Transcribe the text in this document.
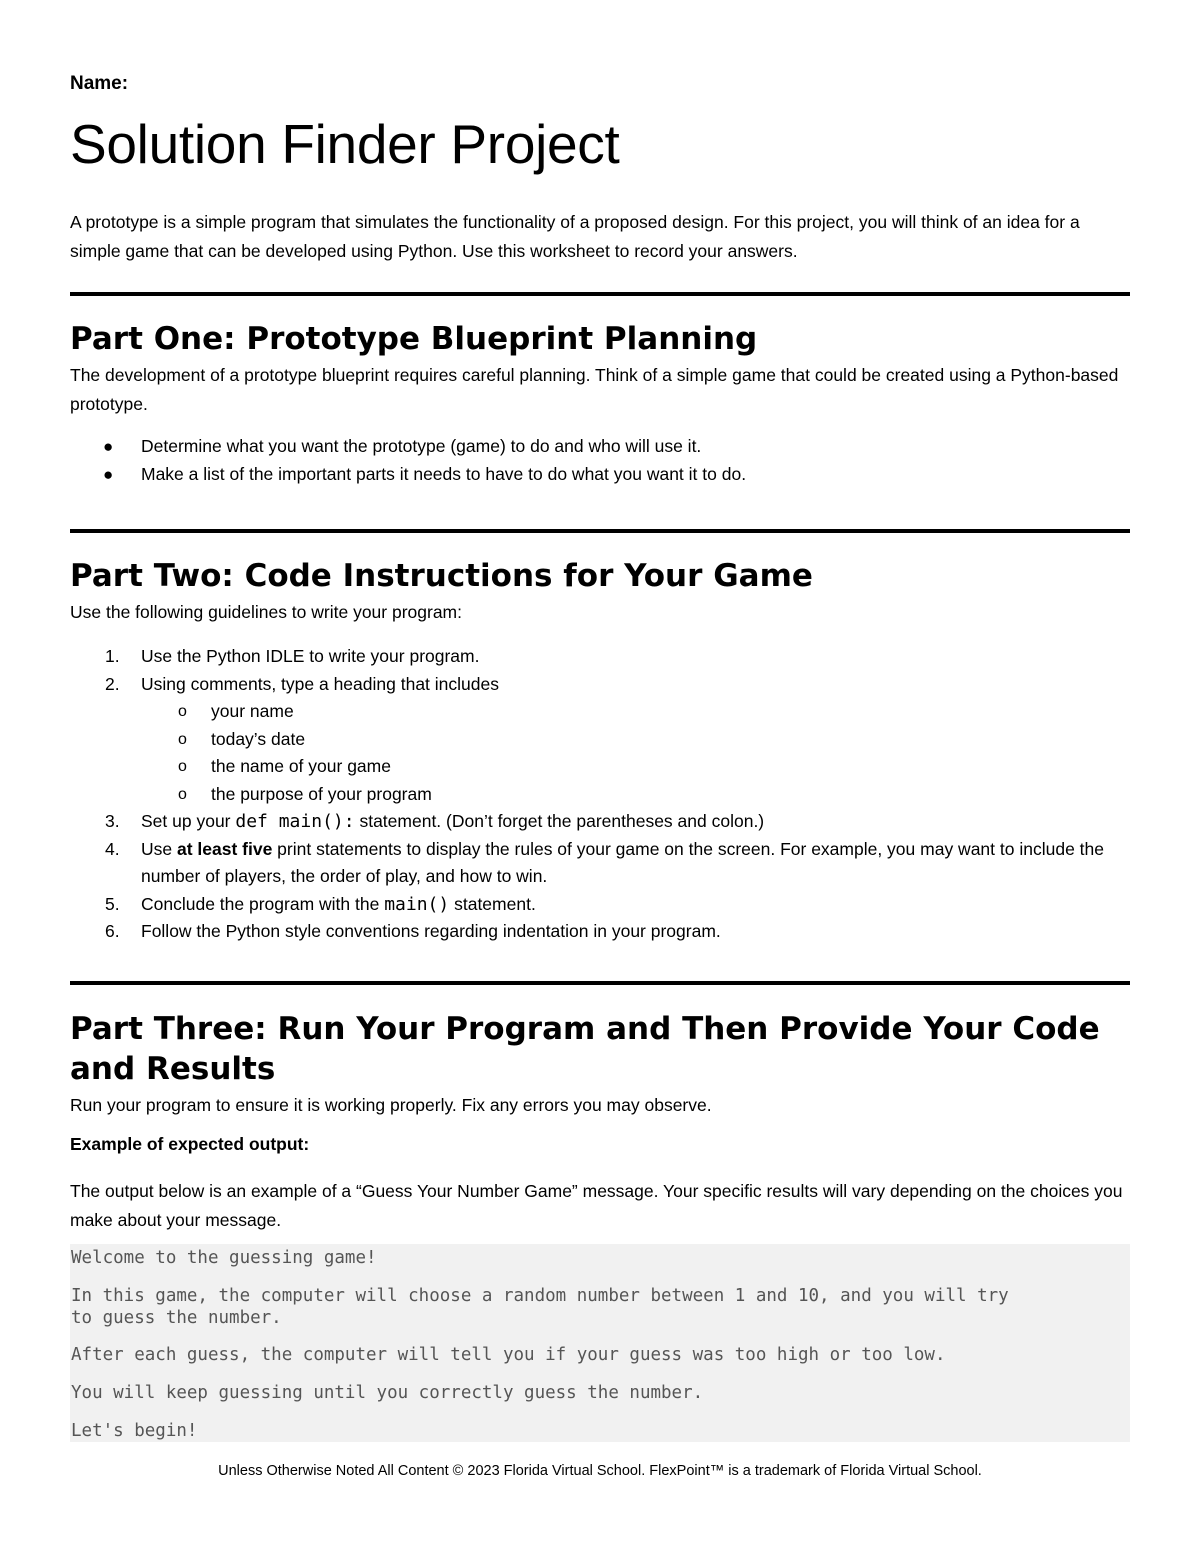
Name:
Solution Finder Project

A prototype is a simple program that simulates the functionality of a proposed design. For this project, you will think of an idea for a simple game that can be developed using Python. Use this worksheet to record your answers.

Part One: Prototype Blueprint Planning

The development of a prototype blueprint requires careful planning. Think of a simple game that could be created using a Python-based prototype.

● Determine what you want the prototype (game) to do and who will use it.
● Make a list of the important parts it needs to have to do what you want it to do.
Part Two: Code Instructions for Your Game

Use the following guidelines to write your program:

1. Use the Python IDLE to write your program.
2. Using comments, type a heading that includes
o your name
o today’s date
o the name of your game
o the purpose of your program
3. Set up your def main(): statement. (Don’t forget the parentheses and colon.)
4. Use at least five print statements to display the rules of your game on the screen. For example, you may want to include the number of players, the order of play, and how to win.
5. Conclude the program with the main() statement.
6. Follow the Python style conventions regarding indentation in your program.
Part Three: Run Your Program and Then Provide Your Code and Results

Run your program to ensure it is working properly. Fix any errors you may observe.

Example of expected output:

The output below is an example of a “Guess Your Number Game” message. Your specific results will vary depending on the choices you make about your message.

Welcome to the guessing game!
In this game, the computer will choose a random number between 1 and 10, and you will try
to guess the number.
After each guess, the computer will tell you if your guess was too high or too low.
You will keep guessing until you correctly guess the number.
Let's begin!
Unless Otherwise Noted All Content © 2023 Florida Virtual School. FlexPoint™ is a trademark of Florida Virtual School.
